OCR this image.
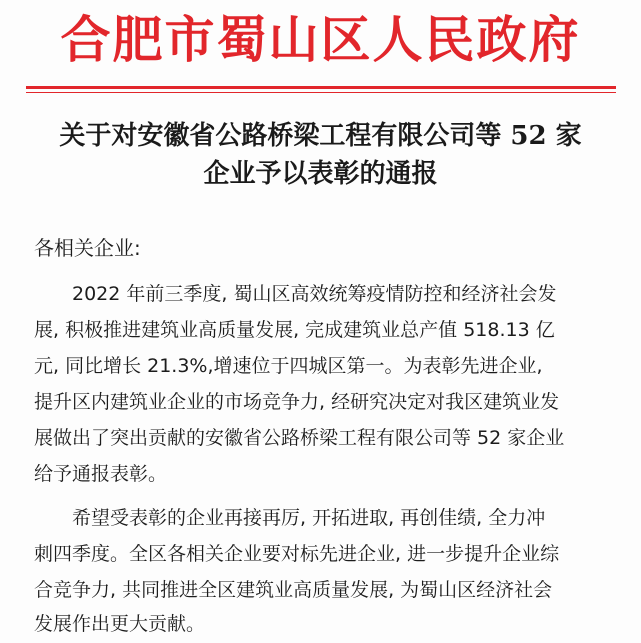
合肥市蜀山区人民政府
关于对安徽省公路桥梁工程有限公司等 52 家
企业予以表彰的通报
各相关企业:
2022 年前三季度, 蜀山区高效统筹疫情防控和经济社会发
展, 积极推进建筑业高质量发展, 完成建筑业总产值 518.13 亿
元, 同比增长 21.3%,增速位于四城区第一。为表彰先进企业,
提升区内建筑业企业的市场竞争力, 经研究决定对我区建筑业发
展做出了突出贡献的安徽省公路桥梁工程有限公司等 52 家企业
给予通报表彰。
希望受表彰的企业再接再厉, 开拓进取, 再创佳绩, 全力冲
刺四季度。全区各相关企业要对标先进企业, 进一步提升企业综
合竞争力, 共同推进全区建筑业高质量发展, 为蜀山区经济社会
发展作出更大贡献。
